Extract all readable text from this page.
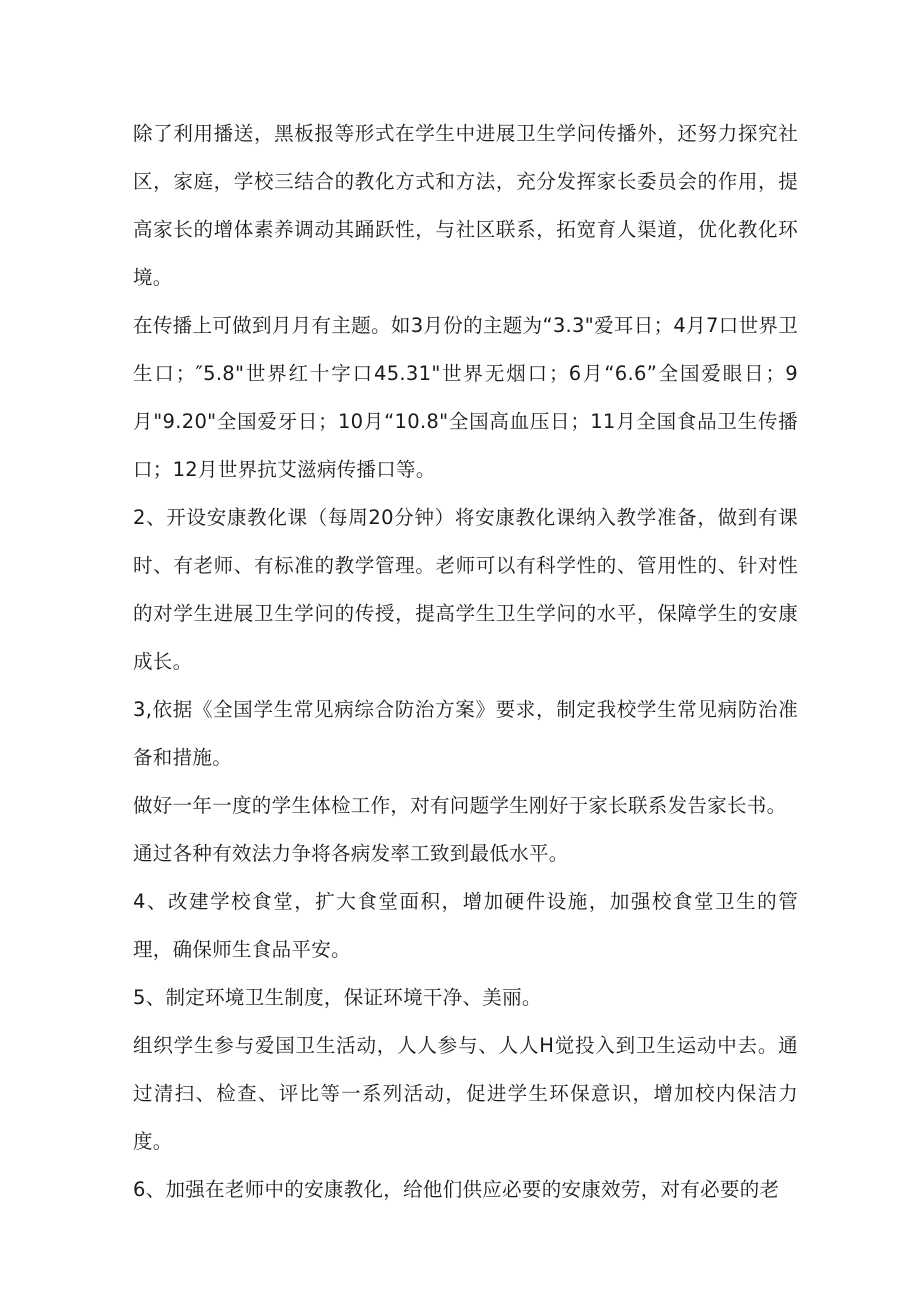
除了利用播送，黑板报等形式在学生中进展卫生学问传播外，还努力探究社区，家庭，学校三结合的教化方式和方法，充分发挥家长委员会的作用，提高家长的增体素养调动其踊跃性，与社区联系，拓宽育人渠道，优化教化环境。

在传播上可做到月月有主题。如3月份的主题为“3.3"爱耳日；4月7口世界卫生口；″5.8"世界红十字口45.31"世界无烟口；6月“6.6”全国爱眼日；9月"9.20"全国爱牙日；10月“10.8"全国高血压日；11月全国食品卫生传播口；12月世界抗艾滋病传播口等。

2、开设安康教化课（每周20分钟）将安康教化课纳入教学准备，做到有课时、有老师、有标准的教学管理。老师可以有科学性的、管用性的、针对性的对学生进展卫生学问的传授，提高学生卫生学问的水平，保障学生的安康成长。

3,依据《全国学生常见病综合防治方案》要求，制定我校学生常见病防治准备和措施。

做好一年一度的学生体检工作，对有问题学生刚好于家长联系发告家长书。

通过各种有效法力争将各病发率工致到最低水平。

4、改建学校食堂，扩大食堂面积，增加硬件设施，加强校食堂卫生的管理，确保师生食品平安。

5、制定环境卫生制度，保证环境干净、美丽。

组织学生参与爱国卫生活动，人人参与、人人H觉投入到卫生运动中去。通过清扫、检查、评比等一系列活动，促进学生环保意识，增加校内保洁力度。

6、加强在老师中的安康教化，给他们供应必要的安康效劳，对有必要的老
